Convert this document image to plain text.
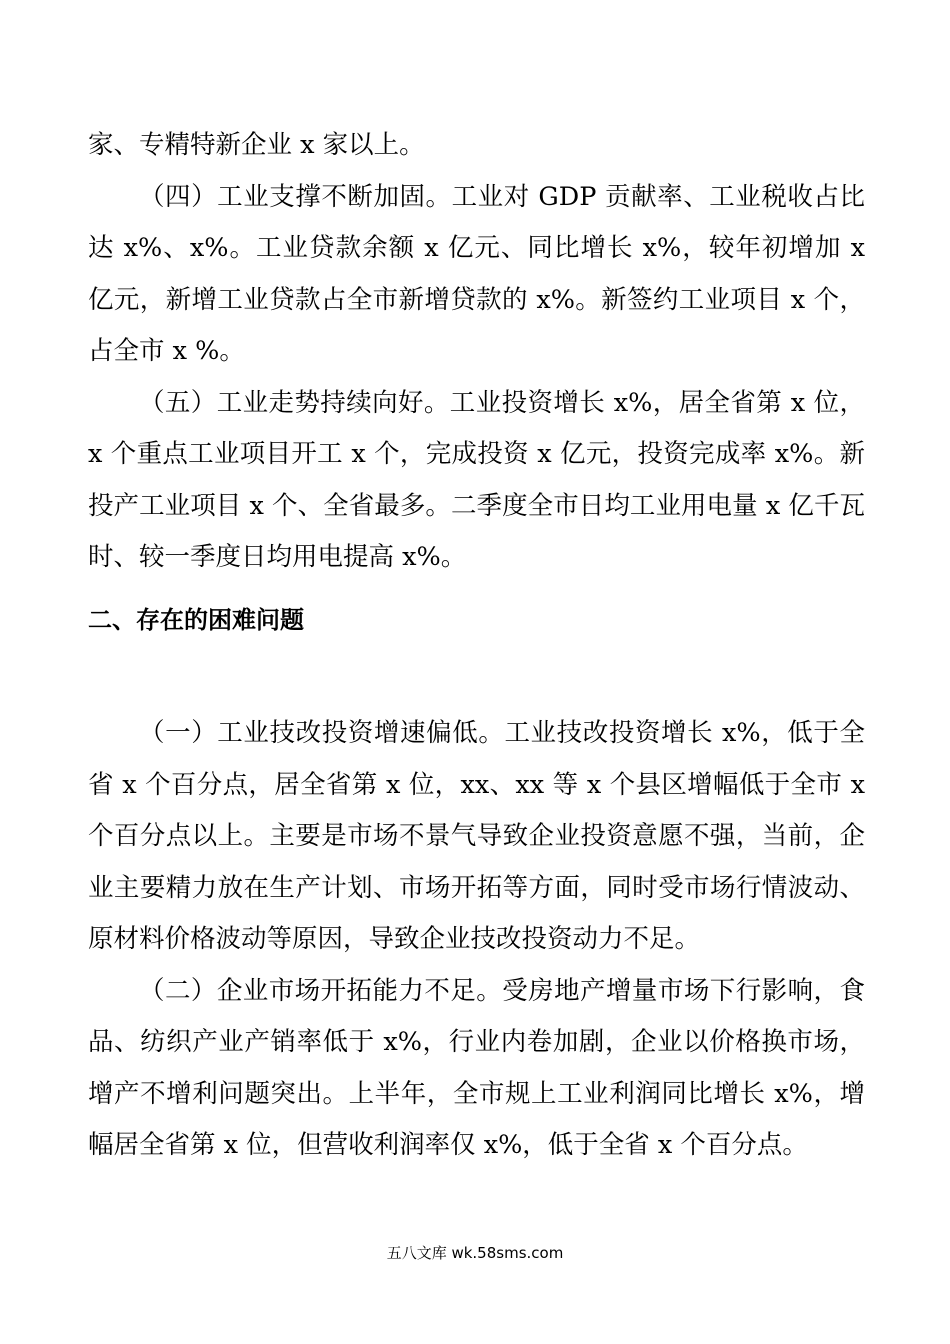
家、专精特新企业 x 家以上。

（四）工业支撑不断加固。工业对 GDP 贡献率、工业税收占比达 x%、x%。工业贷款余额 x 亿元、同比增长 x%，较年初增加 x 亿元，新增工业贷款占全市新增贷款的 x%。新签约工业项目 x 个，占全市 x %。

（五）工业走势持续向好。工业投资增长 x%，居全省第 x 位，x 个重点工业项目开工 x 个，完成投资 x 亿元，投资完成率 x%。新投产工业项目 x 个、全省最多。二季度全市日均工业用电量 x 亿千瓦时、较一季度日均用电提高 x%。

二、存在的困难问题

（一）工业技改投资增速偏低。工业技改投资增长 x%，低于全省 x 个百分点，居全省第 x 位，xx、xx 等 x 个县区增幅低于全市 x 个百分点以上。主要是市场不景气导致企业投资意愿不强，当前，企业主要精力放在生产计划、市场开拓等方面，同时受市场行情波动、原材料价格波动等原因，导致企业技改投资动力不足。

（二）企业市场开拓能力不足。受房地产增量市场下行影响，食品、纺织产业产销率低于 x%，行业内卷加剧，企业以价格换市场，增产不增利问题突出。上半年，全市规上工业利润同比增长 x%，增幅居全省第 x 位，但营收利润率仅 x%，低于全省 x 个百分点。

五八文库 wk.58sms.com
